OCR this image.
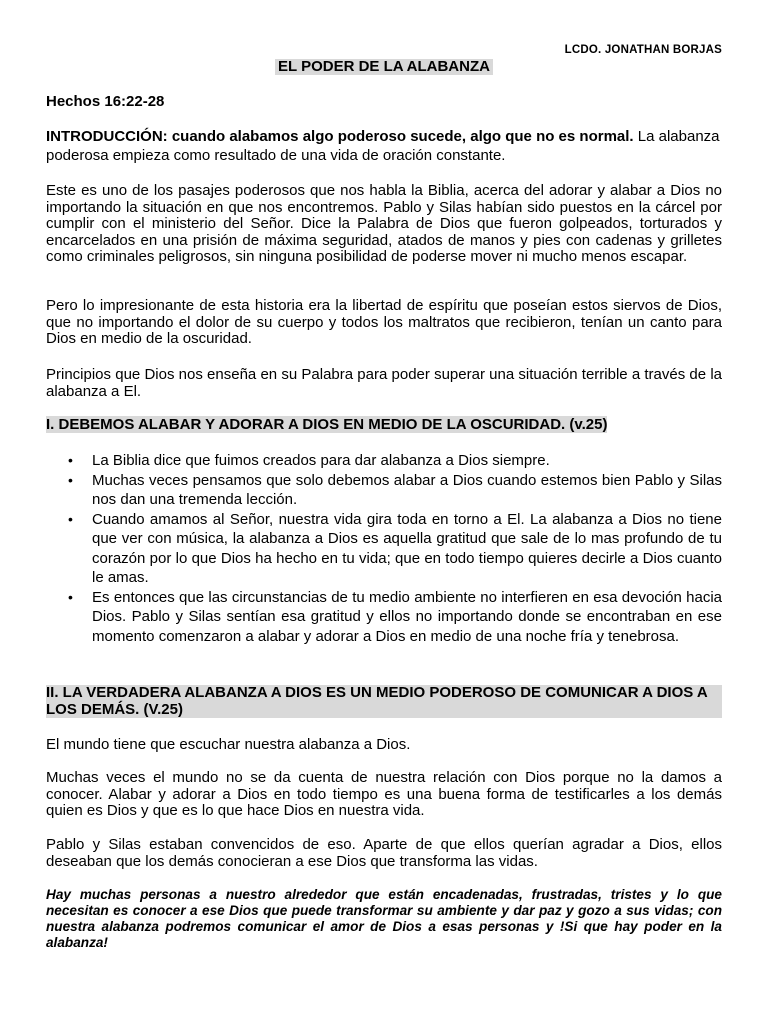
LCDO. JONATHAN BORJAS
EL PODER DE LA ALABANZA
Hechos 16:22-28

INTRODUCCIÓN: cuando alabamos algo poderoso sucede, algo que no es normal. La alabanza poderosa empieza como resultado de una vida de oración constante.

Este es uno de los pasajes poderosos que nos habla la Biblia, acerca del adorar y alabar a Dios no importando la situación en que nos encontremos. Pablo y Silas habían sido puestos en la cárcel por cumplir con el ministerio del Señor. Dice la Palabra de Dios que fueron golpeados, torturados y encarcelados en una prisión de máxima seguridad, atados de manos y pies con cadenas y grilletes como criminales peligrosos, sin ninguna posibilidad de poderse mover ni mucho menos escapar.

Pero lo impresionante de esta historia era la libertad de espíritu que poseían estos siervos de Dios, que no importando el dolor de su cuerpo y todos los maltratos que recibieron, tenían un canto para Dios en medio de la oscuridad.

Principios que Dios nos enseña en su Palabra para poder superar una situación terrible a través de la alabanza a El.

I. DEBEMOS ALABAR Y ADORAR A DIOS EN MEDIO DE LA OSCURIDAD. (v.25)
• La Biblia dice que fuimos creados para dar alabanza a Dios siempre.
• Muchas veces pensamos que solo debemos alabar a Dios cuando estemos bien Pablo y Silas nos dan una tremenda lección.
• Cuando amamos al Señor, nuestra vida gira toda en torno a El. La alabanza a Dios no tiene que ver con música, la alabanza a Dios es aquella gratitud que sale de lo mas profundo de tu corazón por lo que Dios ha hecho en tu vida; que en todo tiempo quieres decirle a Dios cuanto le amas.
• Es entonces que las circunstancias de tu medio ambiente no interfieren en esa devoción hacia Dios. Pablo y Silas sentían esa gratitud y ellos no importando donde se encontraban en ese momento comenzaron a alabar y adorar a Dios en medio de una noche fría y tenebrosa.
II. LA VERDADERA ALABANZA A DIOS ES UN MEDIO PODEROSO DE COMUNICAR A DIOS A LOS DEMÁS. (V.25)

El mundo tiene que escuchar nuestra alabanza a Dios.

Muchas veces el mundo no se da cuenta de nuestra relación con Dios porque no la damos a conocer. Alabar y adorar a Dios en todo tiempo es una buena forma de testificarles a los demás quien es Dios y que es lo que hace Dios en nuestra vida.

Pablo y Silas estaban convencidos de eso. Aparte de que ellos querían agradar a Dios, ellos deseaban que los demás conocieran a ese Dios que transforma las vidas.

Hay muchas personas a nuestro alrededor que están encadenadas, frustradas, tristes y lo que necesitan es conocer a ese Dios que puede transformar su ambiente y dar paz y gozo a sus vidas; con nuestra alabanza podremos comunicar el amor de Dios a esas personas y !Si que hay poder en la alabanza!
